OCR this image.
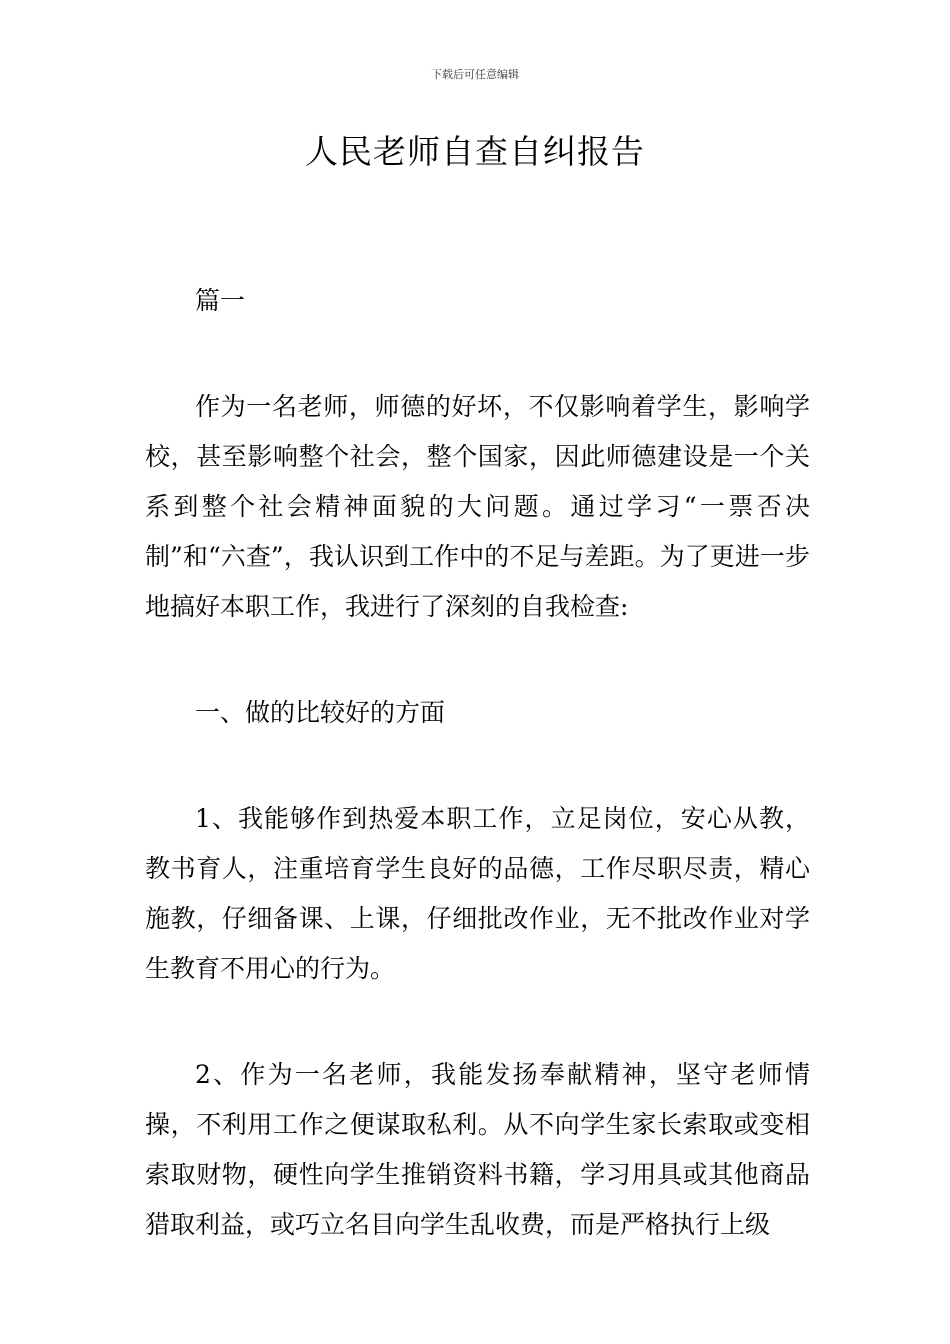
下载后可任意编辑
人民老师自查自纠报告

篇一

作为一名老师，师德的好坏，不仅影响着学生，影响学校，甚至影响整个社会，整个国家，因此师德建设是一个关系到整个社会精神面貌的大问题。通过学习“一票否决制”和“六查”，我认识到工作中的不足与差距。为了更进一步地搞好本职工作，我进行了深刻的自我检查:

一、做的比较好的方面

1、我能够作到热爱本职工作，立足岗位，安心从教，教书育人，注重培育学生良好的品德，工作尽职尽责，精心施教，仔细备课、上课，仔细批改作业，无不批改作业对学生教育不用心的行为。

2、作为一名老师，我能发扬奉献精神，坚守老师情操，不利用工作之便谋取私利。从不向学生家长索取或变相索取财物，硬性向学生推销资料书籍，学习用具或其他商品猎取利益，或巧立名目向学生乱收费，而是严格执行上级
